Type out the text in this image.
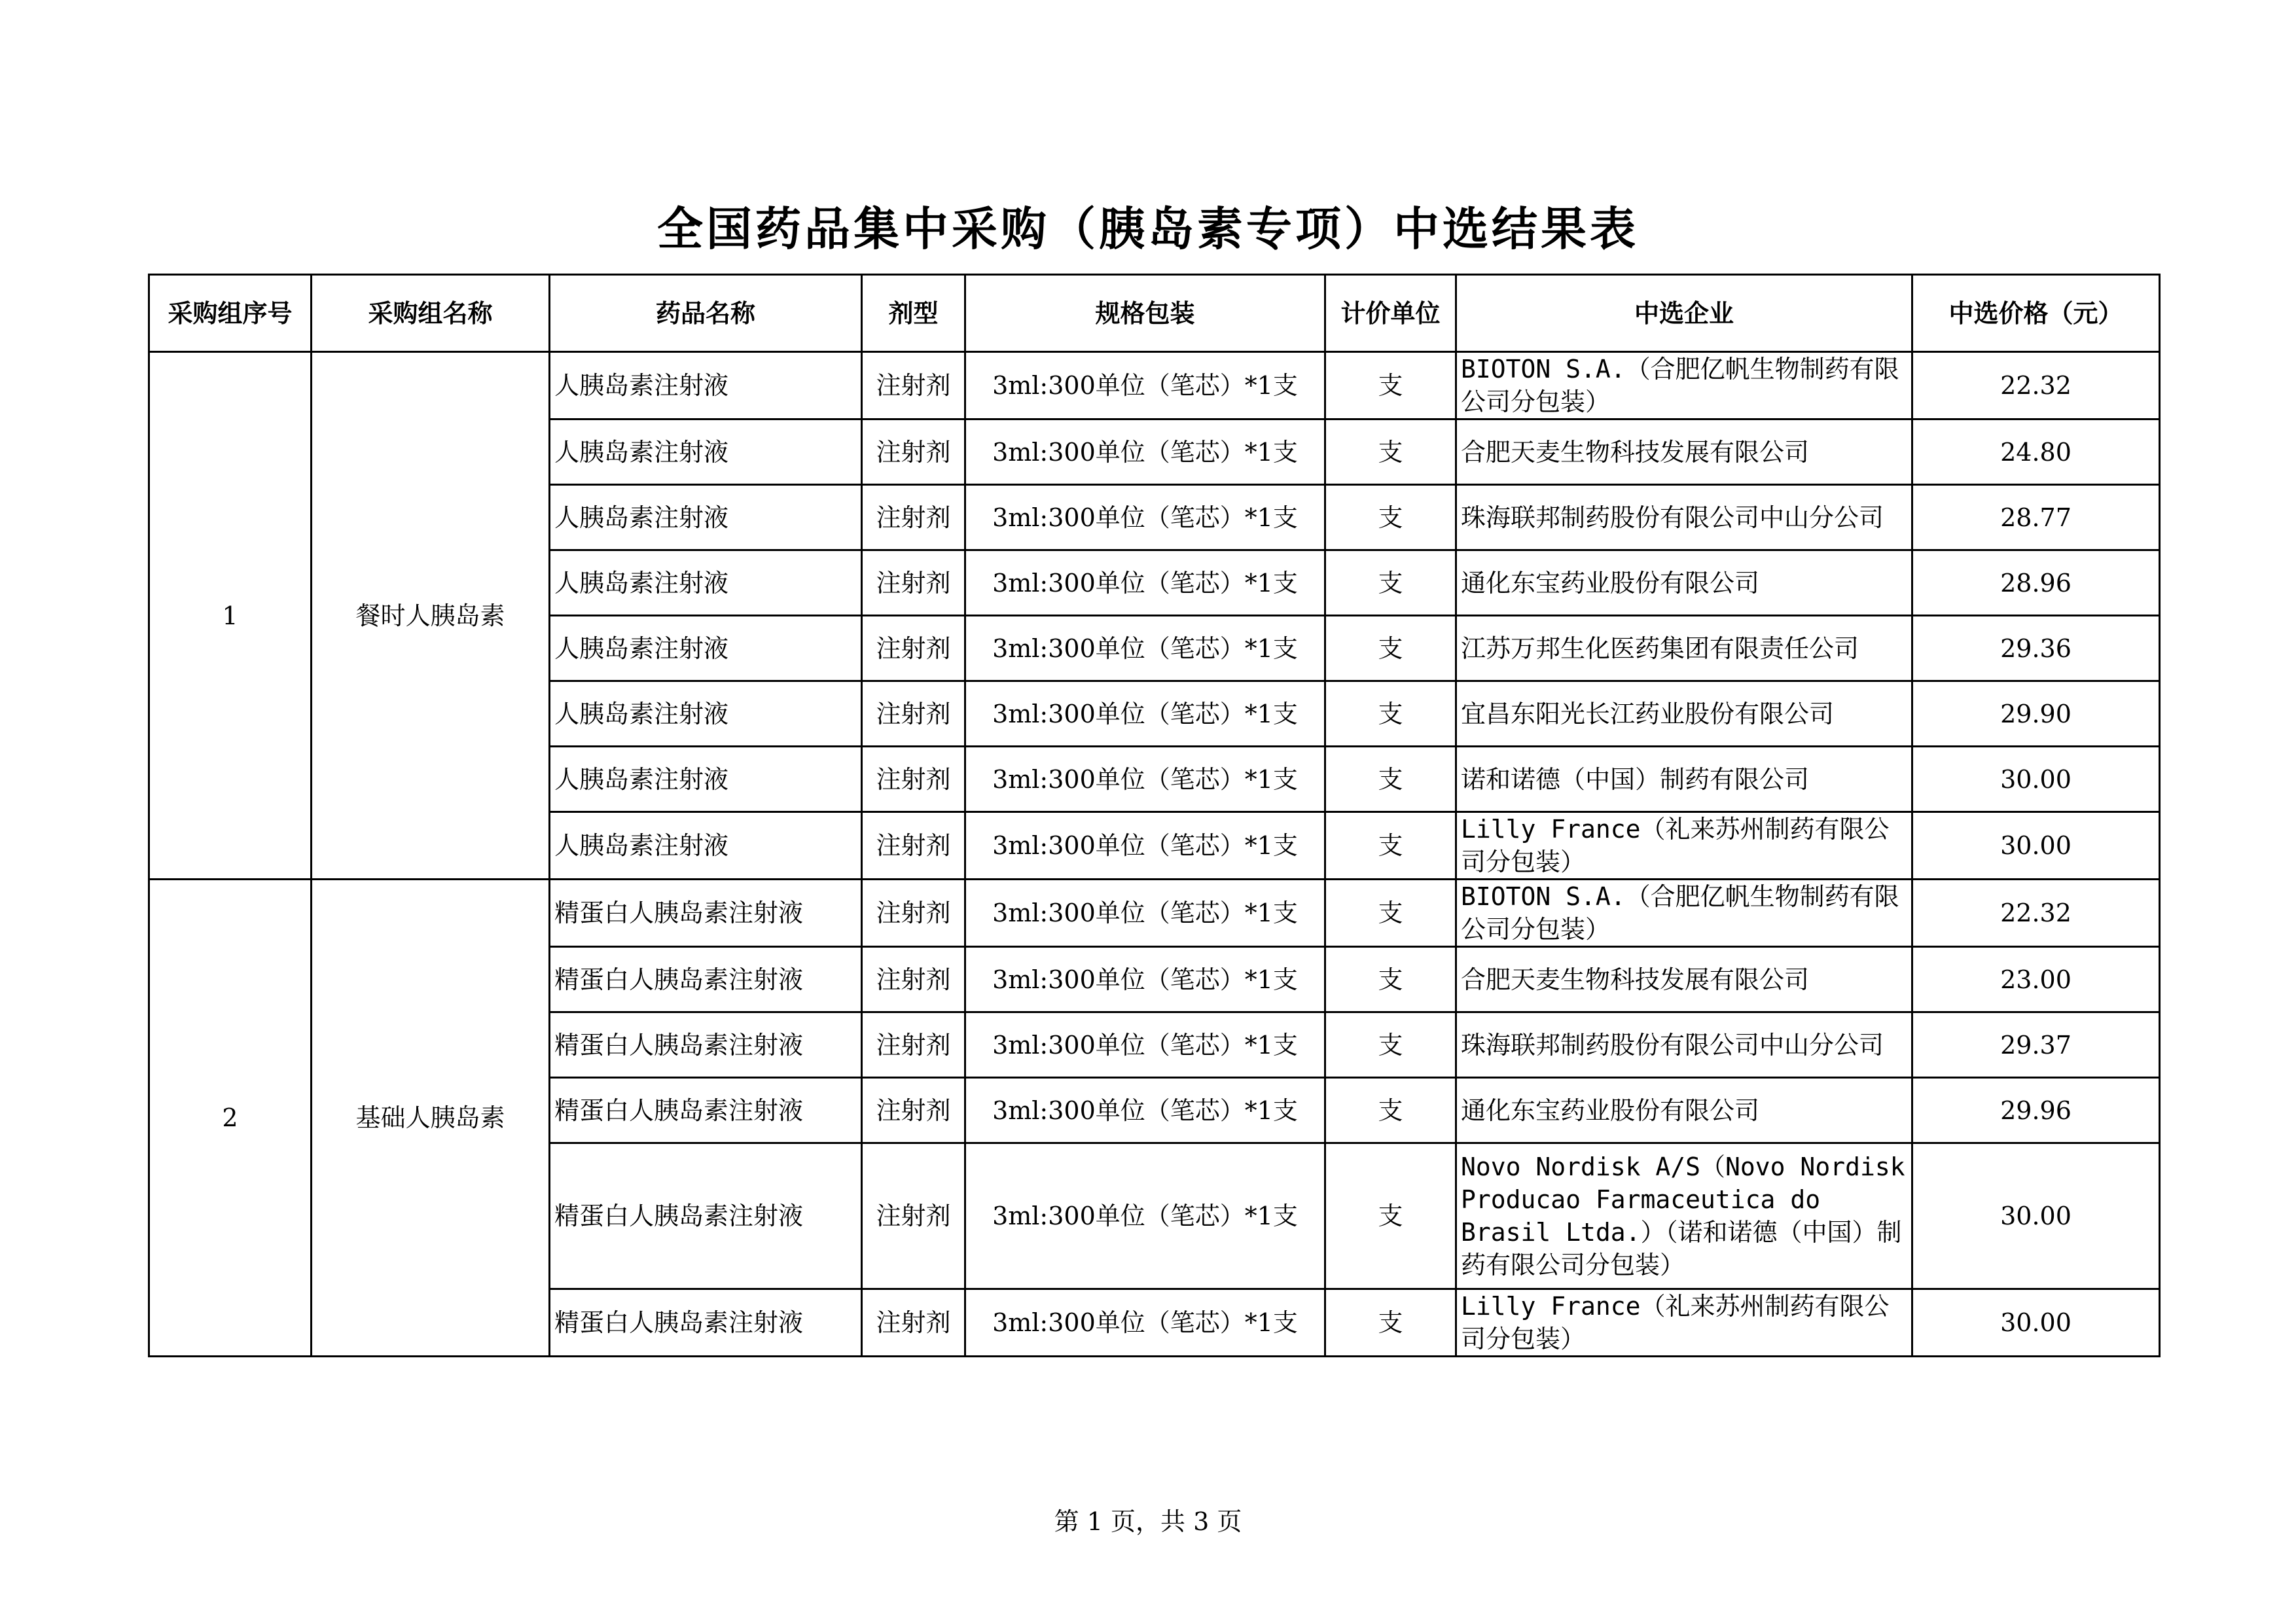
全国药品集中采购（胰岛素专项）中选结果表
采购组序号	采购组名称	药品名称	剂型	规格包装	计价单位	中选企业	中选价格（元）
1	餐时人胰岛素	人胰岛素注射液	注射剂	3ml:300单位（笔芯）*1支	支	BIOTON S.A.（合肥亿帆生物制药有限公司分包装）	22.32
		人胰岛素注射液	注射剂	3ml:300单位（笔芯）*1支	支	合肥天麦生物科技发展有限公司	24.80
		人胰岛素注射液	注射剂	3ml:300单位（笔芯）*1支	支	珠海联邦制药股份有限公司中山分公司	28.77
		人胰岛素注射液	注射剂	3ml:300单位（笔芯）*1支	支	通化东宝药业股份有限公司	28.96
		人胰岛素注射液	注射剂	3ml:300单位（笔芯）*1支	支	江苏万邦生化医药集团有限责任公司	29.36
		人胰岛素注射液	注射剂	3ml:300单位（笔芯）*1支	支	宜昌东阳光长江药业股份有限公司	29.90
		人胰岛素注射液	注射剂	3ml:300单位（笔芯）*1支	支	诺和诺德（中国）制药有限公司	30.00
		人胰岛素注射液	注射剂	3ml:300单位（笔芯）*1支	支	Lilly France（礼来苏州制药有限公司分包装）	30.00
2	基础人胰岛素	精蛋白人胰岛素注射液	注射剂	3ml:300单位（笔芯）*1支	支	BIOTON S.A.（合肥亿帆生物制药有限公司分包装）	22.32
		精蛋白人胰岛素注射液	注射剂	3ml:300单位（笔芯）*1支	支	合肥天麦生物科技发展有限公司	23.00
		精蛋白人胰岛素注射液	注射剂	3ml:300单位（笔芯）*1支	支	珠海联邦制药股份有限公司中山分公司	29.37
		精蛋白人胰岛素注射液	注射剂	3ml:300单位（笔芯）*1支	支	通化东宝药业股份有限公司	29.96
		精蛋白人胰岛素注射液	注射剂	3ml:300单位（笔芯）*1支	支	Novo Nordisk A/S（Novo Nordisk Producao Farmaceutica do Brasil Ltda.）（诺和诺德（中国）制药有限公司分包装）	30.00
		精蛋白人胰岛素注射液	注射剂	3ml:300单位（笔芯）*1支	支	Lilly France（礼来苏州制药有限公司分包装）	30.00
第 1 页，共 3 页
